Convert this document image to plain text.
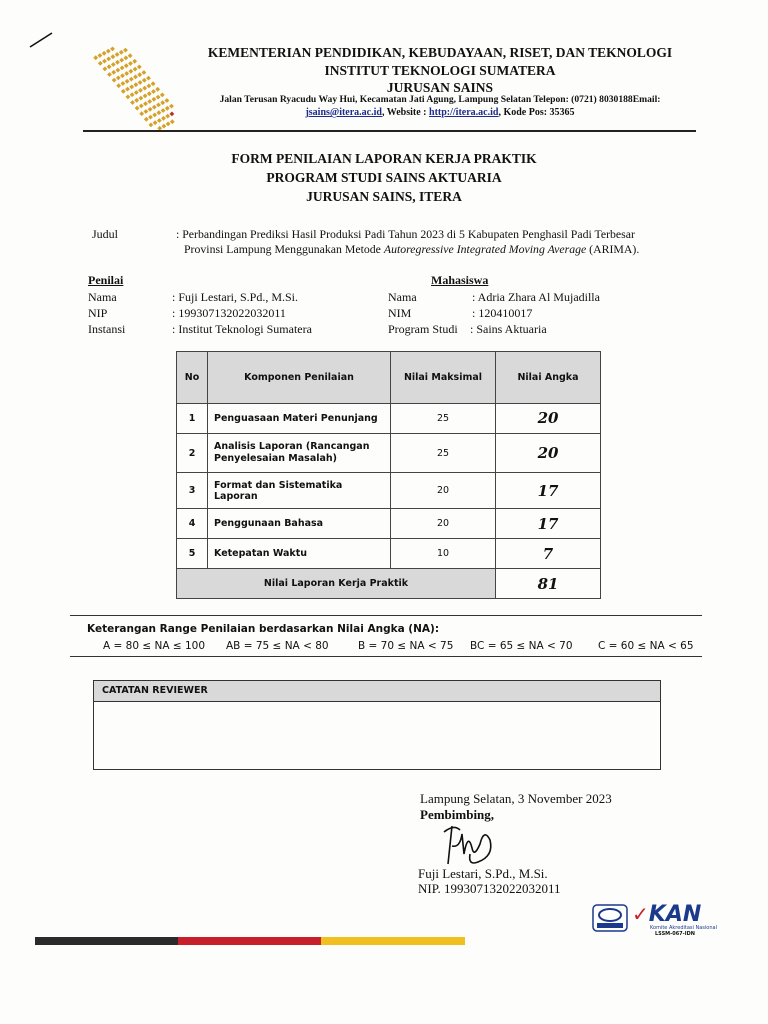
KEMENTERIAN PENDIDIKAN, KEBUDAYAAN, RISET, DAN TEKNOLOGI
INSTITUT TEKNOLOGI SUMATERA
JURUSAN SAINS
Jalan Terusan Ryacudu Way Hui, Kecamatan Jati Agung, Lampung Selatan Telepon: (0721) 8030188Email:
jsains@itera.ac.id, Website : http://itera.ac.id, Kode Pos: 35365
FORM PENILAIAN LAPORAN KERJA PRAKTIK
PROGRAM STUDI SAINS AKTUARIA
JURUSAN SAINS, ITERA
Judul	: Perbandingan Prediksi Hasil Produksi Padi Tahun 2023 di 5 Kabupaten Penghasil Padi Terbesar
Provinsi Lampung Menggunakan Metode Autoregressive Integrated Moving Average (ARIMA).
Penilai
Nama	: Fuji Lestari, S.Pd., M.Si.
NIP	: 199307132022032011
Instansi	: Institut Teknologi Sumatera
Mahasiswa
Nama	: Adria Zhara Al Mujadilla
NIM	: 120410017
Program Studi : Sains Aktuaria
No	Komponen Penilaian	Nilai Maksimal	Nilai Angka
1	Penguasaan Materi Penunjang	25	20
2	Analisis Laporan (Rancangan Penyelesaian Masalah)	25	20
3	Format dan Sistematika Laporan	20	17
4	Penggunaan Bahasa	20	17
5	Ketepatan Waktu	10	7
Nilai Laporan Kerja Praktik			81
Keterangan Range Penilaian berdasarkan Nilai Angka (NA):
A = 80 ≤ NA ≤ 100 AB = 75 ≤ NA < 80	B = 70 ≤ NA < 75 BC = 65 ≤ NA < 70 C = 60 ≤ NA < 65
CATATAN REVIEWER
Lampung Selatan, 3 November 2023
Pembimbing,
Fuji Lestari, S.Pd., M.Si.
NIP. 199307132022032011
✓KAN
Komite Akreditasi Nasional
LSSM-067-IDN
